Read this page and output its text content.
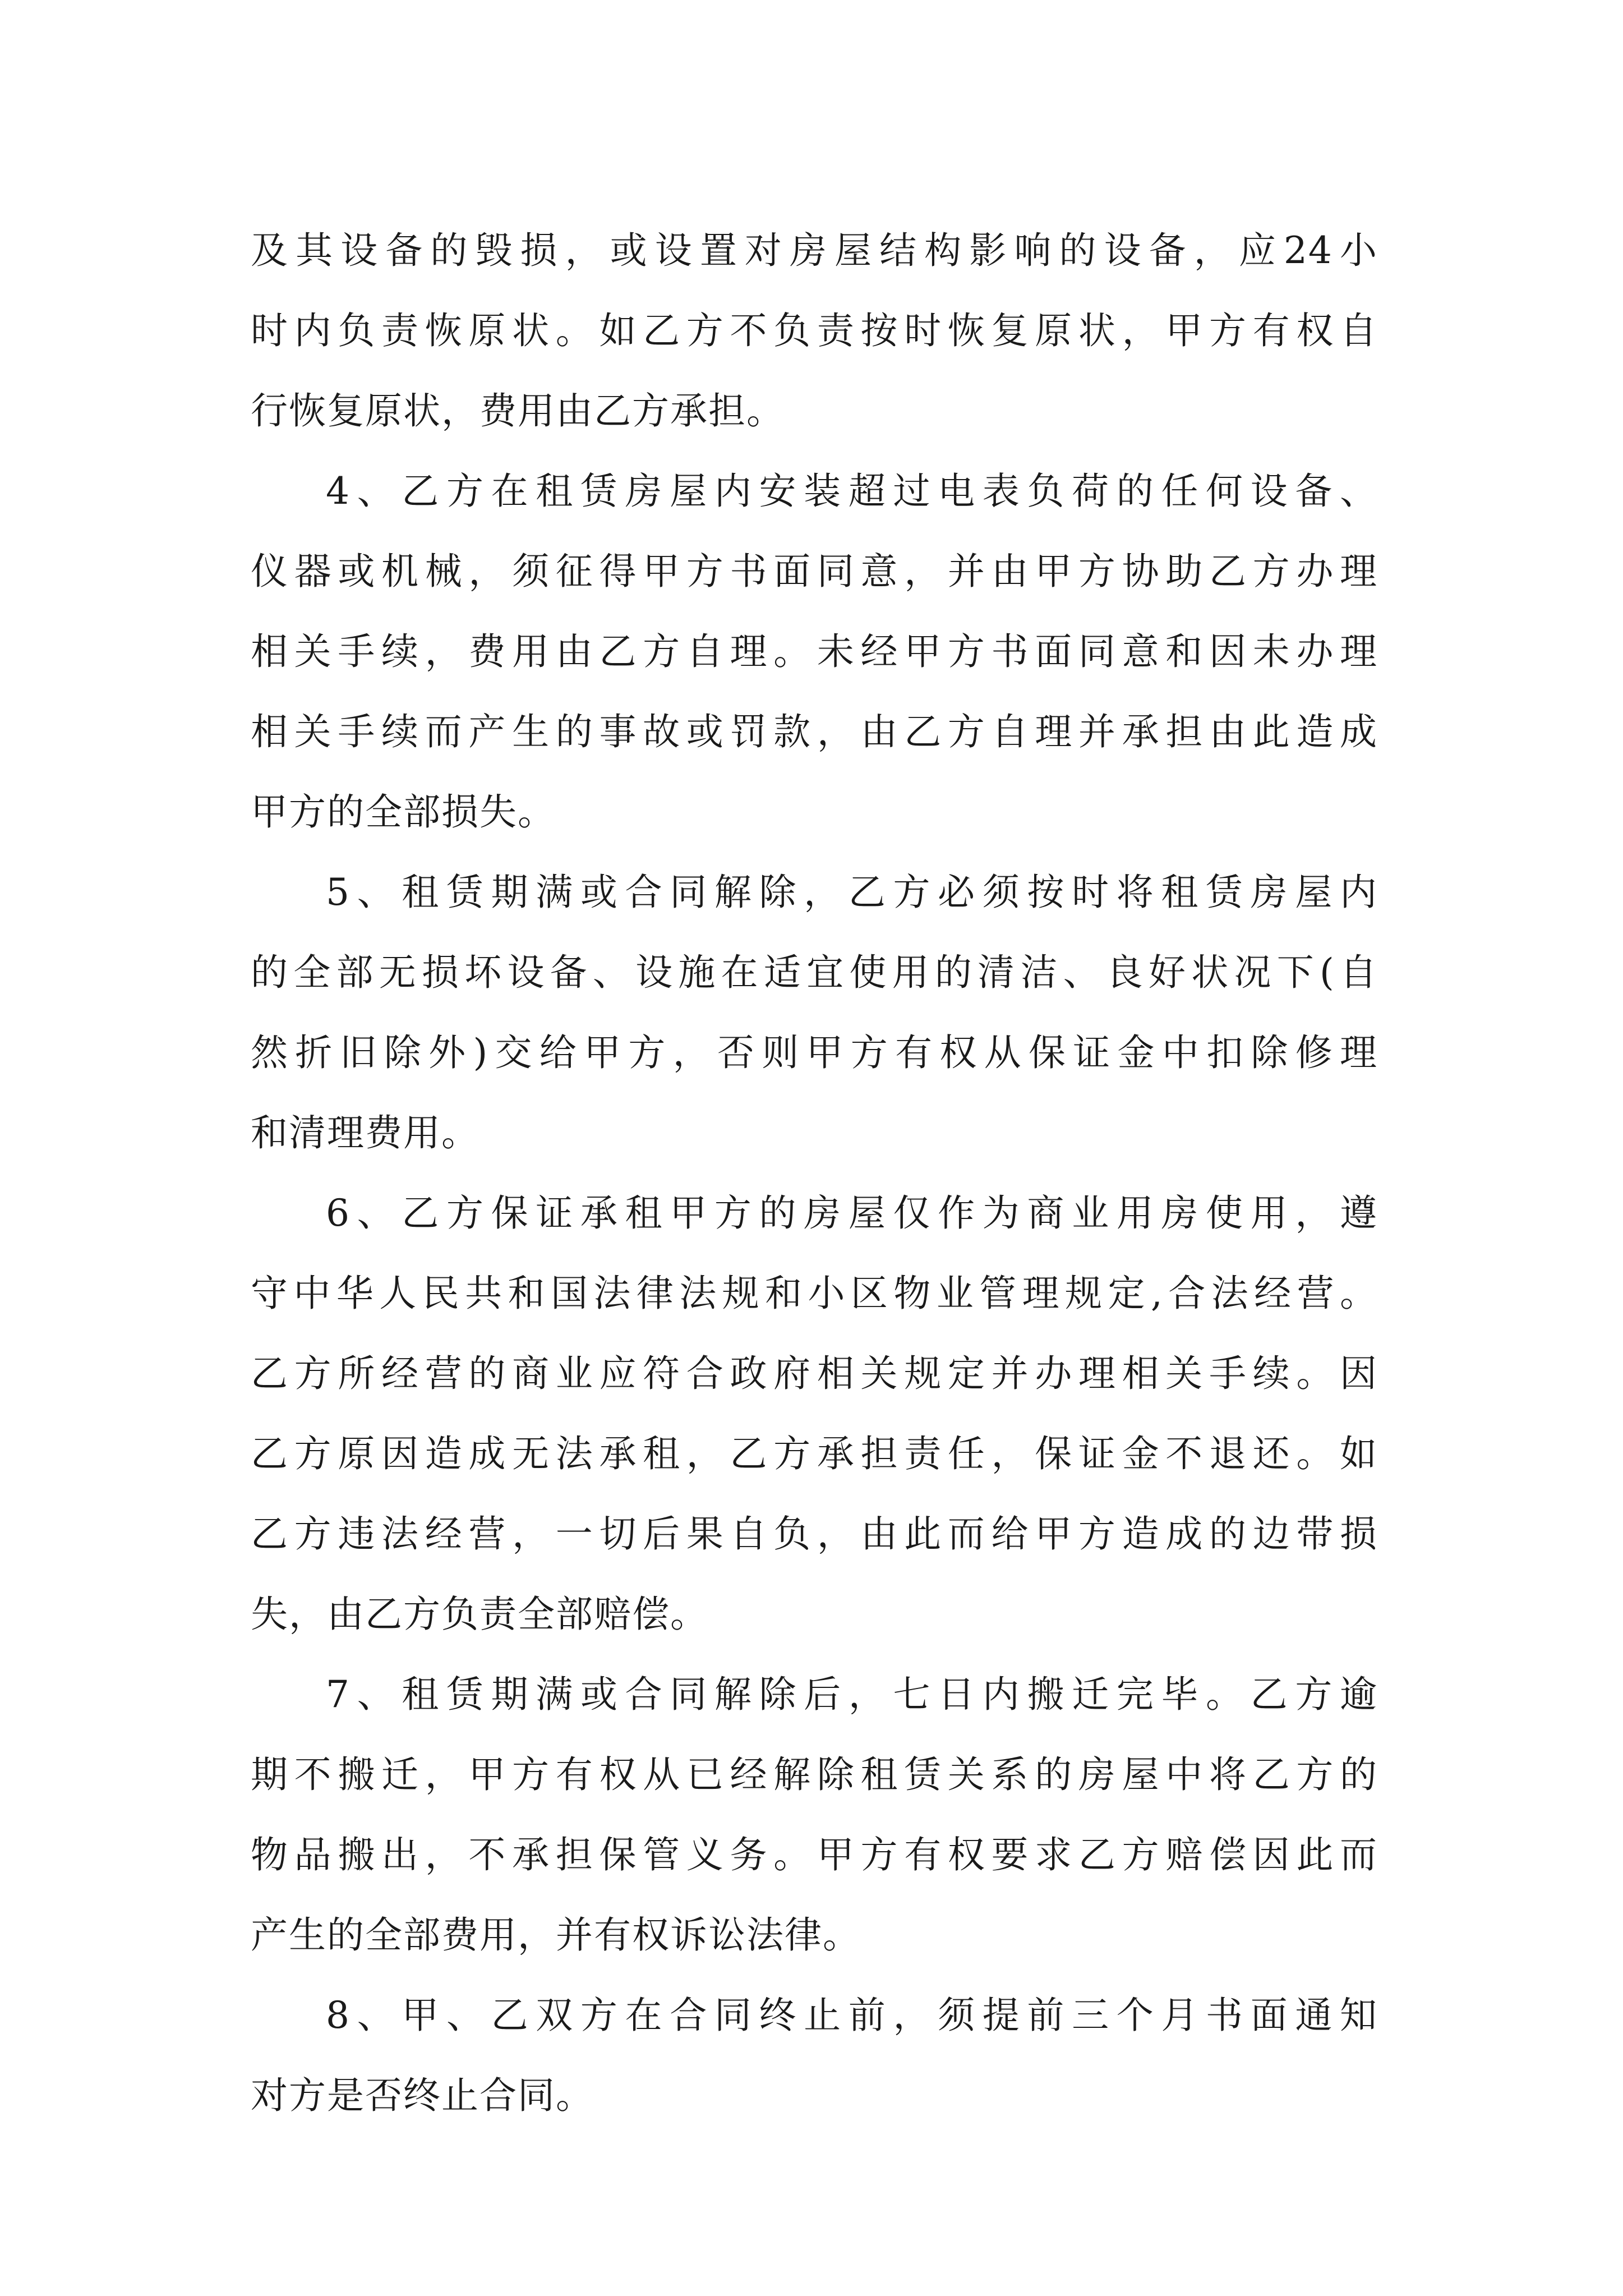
及其设备的毁损，或设置对房屋结构影响的设备，应24小
时内负责恢原状。如乙方不负责按时恢复原状，甲方有权自
行恢复原状，费用由乙方承担。
4、乙方在租赁房屋内安装超过电表负荷的任何设备、
仪器或机械，须征得甲方书面同意，并由甲方协助乙方办理
相关手续，费用由乙方自理。未经甲方书面同意和因未办理
相关手续而产生的事故或罚款，由乙方自理并承担由此造成
甲方的全部损失。
5、租赁期满或合同解除，乙方必须按时将租赁房屋内
的全部无损坏设备、设施在适宜使用的清洁、良好状况下(自
然折旧除外)交给甲方，否则甲方有权从保证金中扣除修理
和清理费用。
6、乙方保证承租甲方的房屋仅作为商业用房使用，遵
守中华人民共和国法律法规和小区物业管理规定,合法经营。
乙方所经营的商业应符合政府相关规定并办理相关手续。因
乙方原因造成无法承租，乙方承担责任，保证金不退还。如
乙方违法经营，一切后果自负，由此而给甲方造成的边带损
失，由乙方负责全部赔偿。
7、租赁期满或合同解除后，七日内搬迁完毕。乙方逾
期不搬迁，甲方有权从已经解除租赁关系的房屋中将乙方的
物品搬出，不承担保管义务。甲方有权要求乙方赔偿因此而
产生的全部费用，并有权诉讼法律。
8、甲、乙双方在合同终止前，须提前三个月书面通知
对方是否终止合同。
